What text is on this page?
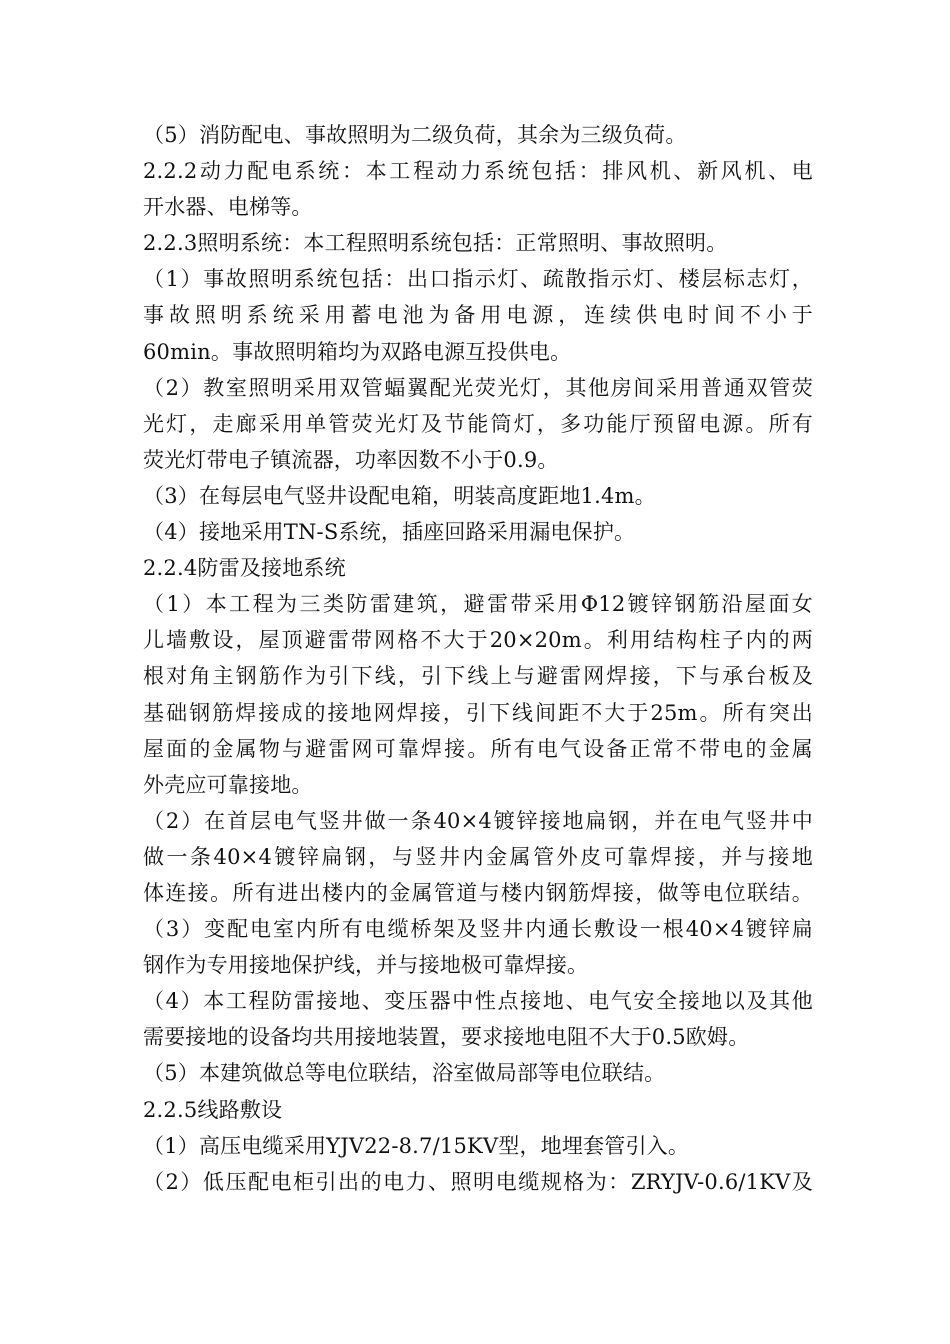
（5）消防配电、事故照明为二级负荷，其余为三级负荷。
2.2.2动力配电系统：本工程动力系统包括：排风机、新风机、电
开水器、电梯等。
2.2.3照明系统：本工程照明系统包括：正常照明、事故照明。
（1）事故照明系统包括：出口指示灯、疏散指示灯、楼层标志灯，
事故照明系统采用蓄电池为备用电源，连续供电时间不小于
60min。事故照明箱均为双路电源互投供电。
（2）教室照明采用双管蝠翼配光荧光灯，其他房间采用普通双管荧
光灯，走廊采用单管荧光灯及节能筒灯，多功能厅预留电源。所有
荧光灯带电子镇流器，功率因数不小于0.9。
（3）在每层电气竖井设配电箱，明装高度距地1.4m。
（4）接地采用TN-S系统，插座回路采用漏电保护。
2.2.4防雷及接地系统
（1）本工程为三类防雷建筑，避雷带采用Φ12镀锌钢筋沿屋面女
儿墙敷设，屋顶避雷带网格不大于20×20m。利用结构柱子内的两
根对角主钢筋作为引下线，引下线上与避雷网焊接，下与承台板及
基础钢筋焊接成的接地网焊接，引下线间距不大于25m。所有突出
屋面的金属物与避雷网可靠焊接。所有电气设备正常不带电的金属
外壳应可靠接地。
（2）在首层电气竖井做一条40×4镀锌接地扁钢，并在电气竖井中
做一条40×4镀锌扁钢，与竖井内金属管外皮可靠焊接，并与接地
体连接。所有进出楼内的金属管道与楼内钢筋焊接，做等电位联结。
（3）变配电室内所有电缆桥架及竖井内通长敷设一根40×4镀锌扁
钢作为专用接地保护线，并与接地极可靠焊接。
（4）本工程防雷接地、变压器中性点接地、电气安全接地以及其他
需要接地的设备均共用接地装置，要求接地电阻不大于0.5欧姆。
（5）本建筑做总等电位联结，浴室做局部等电位联结。
2.2.5线路敷设
（1）高压电缆采用YJV22-8.7/15KV型，地埋套管引入。
（2）低压配电柜引出的电力、照明电缆规格为：ZRYJV-0.6/1KV及
